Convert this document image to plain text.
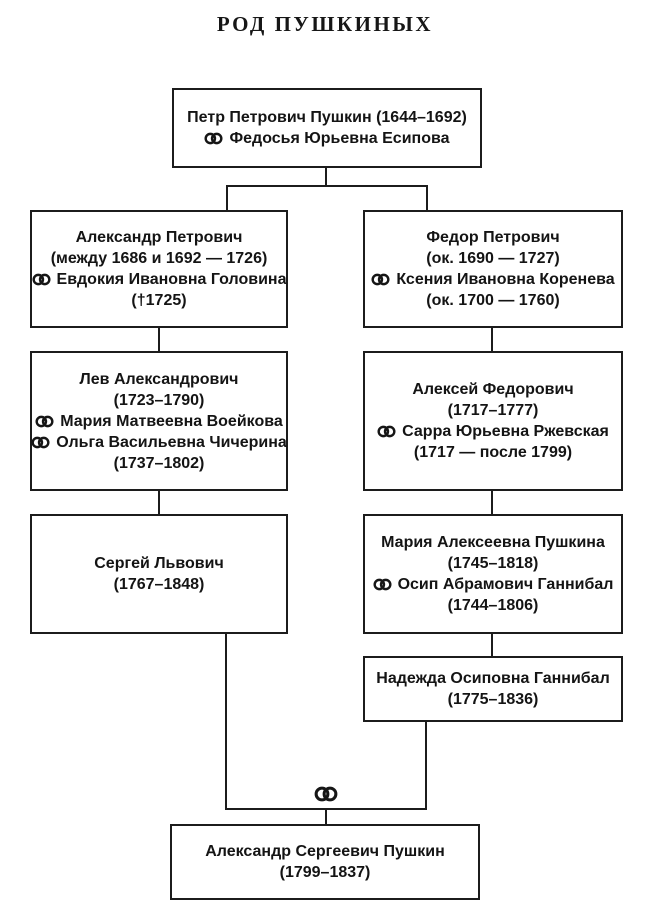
РОД ПУШКИНЫХ
Петр Петрович Пушкин (1644–1692)
Федосья Юрьевна Есипова
Александр Петрович
(между 1686 и 1692 — 1726)
Евдокия Ивановна Головина
(†1725)
Федор Петрович
(ок. 1690 — 1727)
Ксения Ивановна Коренева
(ок. 1700 — 1760)
Лев Александрович
(1723–1790)
Мария Матвеевна Воейкова
Ольга Васильевна Чичерина
(1737–1802)
Алексей Федорович
(1717–1777)
Сарра Юрьевна Ржевская
(1717 — после 1799)
Сергей Львович
(1767–1848)
Мария Алексеевна Пушкина
(1745–1818)
Осип Абрамович Ганнибал
(1744–1806)
Надежда Осиповна Ганнибал
(1775–1836)
Александр Сергеевич Пушкин
(1799–1837)
